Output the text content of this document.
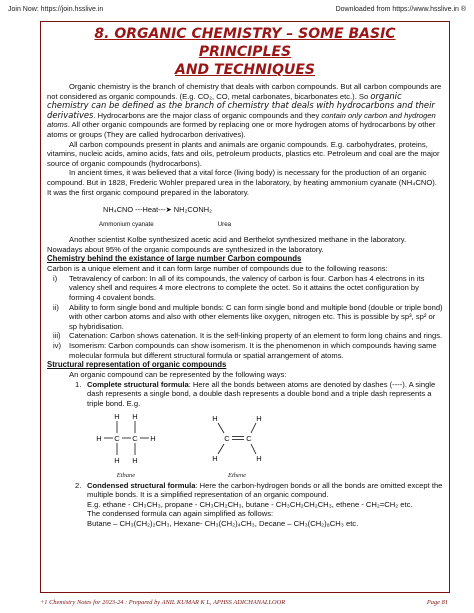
Join Now: https://join.hsslive.in	Downloaded from https://www.hsslive.in ®
8. ORGANIC CHEMISTRY – SOME BASIC PRINCIPLES
AND TECHNIQUES

Organic chemistry is the branch of chemistry that deals with carbon compounds. But all carbon compounds are not considered as organic compounds. (E.g. CO₂, CO, metal carbonates, bicarbonates etc.). So organic chemistry can be defined as the branch of chemistry that deals with hydrocarbons and their derivatives. Hydrocarbons are the major class of organic compounds and they contain only carbon and hydrogen atoms. All other organic compounds are formed by replacing one or more hydrogen atoms of hydrocarbons by other atoms or groups (They are called hydrocarbon derivatives).

All carbon compounds present in plants and animals are organic compounds. E.g. carbohydrates, proteins, vitamins, nucleic acids, amino acids, fats and oils, petroleum products, plastics etc. Petroleum and coal are the major source of organic compounds (hydrocarbons).

In ancient times, it was believed that a vital force (living body) is necessary for the production of an organic compound. But in 1828, Frederic Wohler prepared urea in the laboratory, by heating ammonium cyanate (NH₄CNO). It was the first organic compound prepared in the laboratory.

NH₄CNO ---Heat---➤ NH₂CONH₂

Ammonium cyanate	Urea

Another scientist Kolbe synthesized acetic acid and Berthelot synthesized methane in the laboratory. Nowadays about 95% of the organic compounds are synthesized in the laboratory.

Chemistry behind the existance of large number Carbon compounds

Carbon is a unique element and it can form large number of compounds due to the following reasons:

i) Tetravalency of carbon: In all of its compounds, the valency of carbon is four. Carbon has 4 electrons in its valency shell and requires 4 more electrons to complete the octet. So it attains the octet configuration by forming 4 covalent bonds.

ii) Ability to form single bond and multiple bonds: C can form single bond and multiple bond (double or triple bond) with other carbon atoms and also with other elements like oxygen, nitrogen etc. This is possible by sp³, sp² or sp hybridisation.

iii) Catenation: Carbon shows catenation. It is the self-linking property of an element to form long chains and rings.

iv) Isomerism: Carbon compounds can show isomerism. It is the phenomenon in which compounds having same molecular formula but different structural formula or spatial arrangement of atoms.

Structural representation of organic compounds

An organic compound can be represented by the following ways:

1. Complete structural formula: Here all the bonds between atoms are denoted by dashes (----). A single dash represents a single bond, a double dash represents a double bond and a triple dash represents a triple bond. E.g.

H H
H C C H
H H
H	H
C C
H	H
Ethane	Ethene

2. Condensed structural formula: Here the carbon-hydrogen bonds or all the bonds are omitted except the multiple bonds. It is a simplified representation of an organic compound.

E.g. ethane - CH₃CH₃, propane - CH₃CH₂CH₃, butane - CH₃CH₂CH₂CH₃, ethene - CH₂=CH₂ etc.

The condensed formula can again simplified as follows:

Butane – CH₃(CH₂)₂CH₃, Hexane- CH₃(CH₂)₄CH₃, Decane – CH₃(CH₂)₈CH₃ etc.

+1 Chemistry Notes for 2023-24 : Prepared by ANIL KUMAR K L, APHSS ADICHANALLOOR	Page 81
